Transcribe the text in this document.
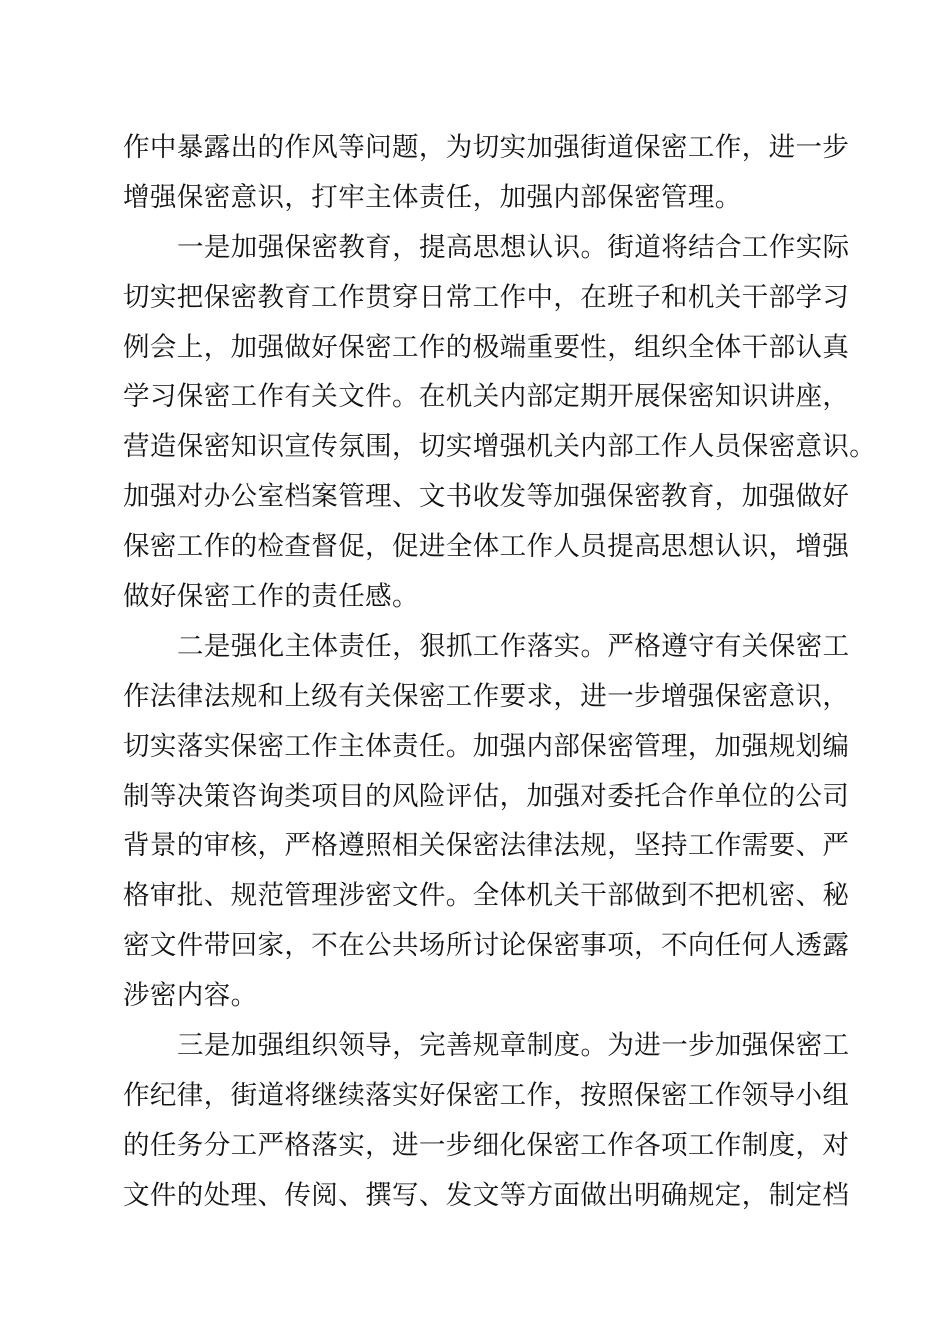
作中暴露出的作风等问题，为切实加强街道保密工作，进一步
增强保密意识，打牢主体责任，加强内部保密管理。
一是加强保密教育，提高思想认识。街道将结合工作实际
切实把保密教育工作贯穿日常工作中，在班子和机关干部学习
例会上，加强做好保密工作的极端重要性，组织全体干部认真
学习保密工作有关文件。在机关内部定期开展保密知识讲座，
营造保密知识宣传氛围，切实增强机关内部工作人员保密意识。
加强对办公室档案管理、文书收发等加强保密教育，加强做好
保密工作的检查督促，促进全体工作人员提高思想认识，增强
做好保密工作的责任感。
二是强化主体责任，狠抓工作落实。严格遵守有关保密工
作法律法规和上级有关保密工作要求，进一步增强保密意识，
切实落实保密工作主体责任。加强内部保密管理，加强规划编
制等决策咨询类项目的风险评估，加强对委托合作单位的公司
背景的审核，严格遵照相关保密法律法规，坚持工作需要、严
格审批、规范管理涉密文件。全体机关干部做到不把机密、秘
密文件带回家，不在公共场所讨论保密事项，不向任何人透露
涉密内容。
三是加强组织领导，完善规章制度。为进一步加强保密工
作纪律，街道将继续落实好保密工作，按照保密工作领导小组
的任务分工严格落实，进一步细化保密工作各项工作制度，对
文件的处理、传阅、撰写、发文等方面做出明确规定，制定档
